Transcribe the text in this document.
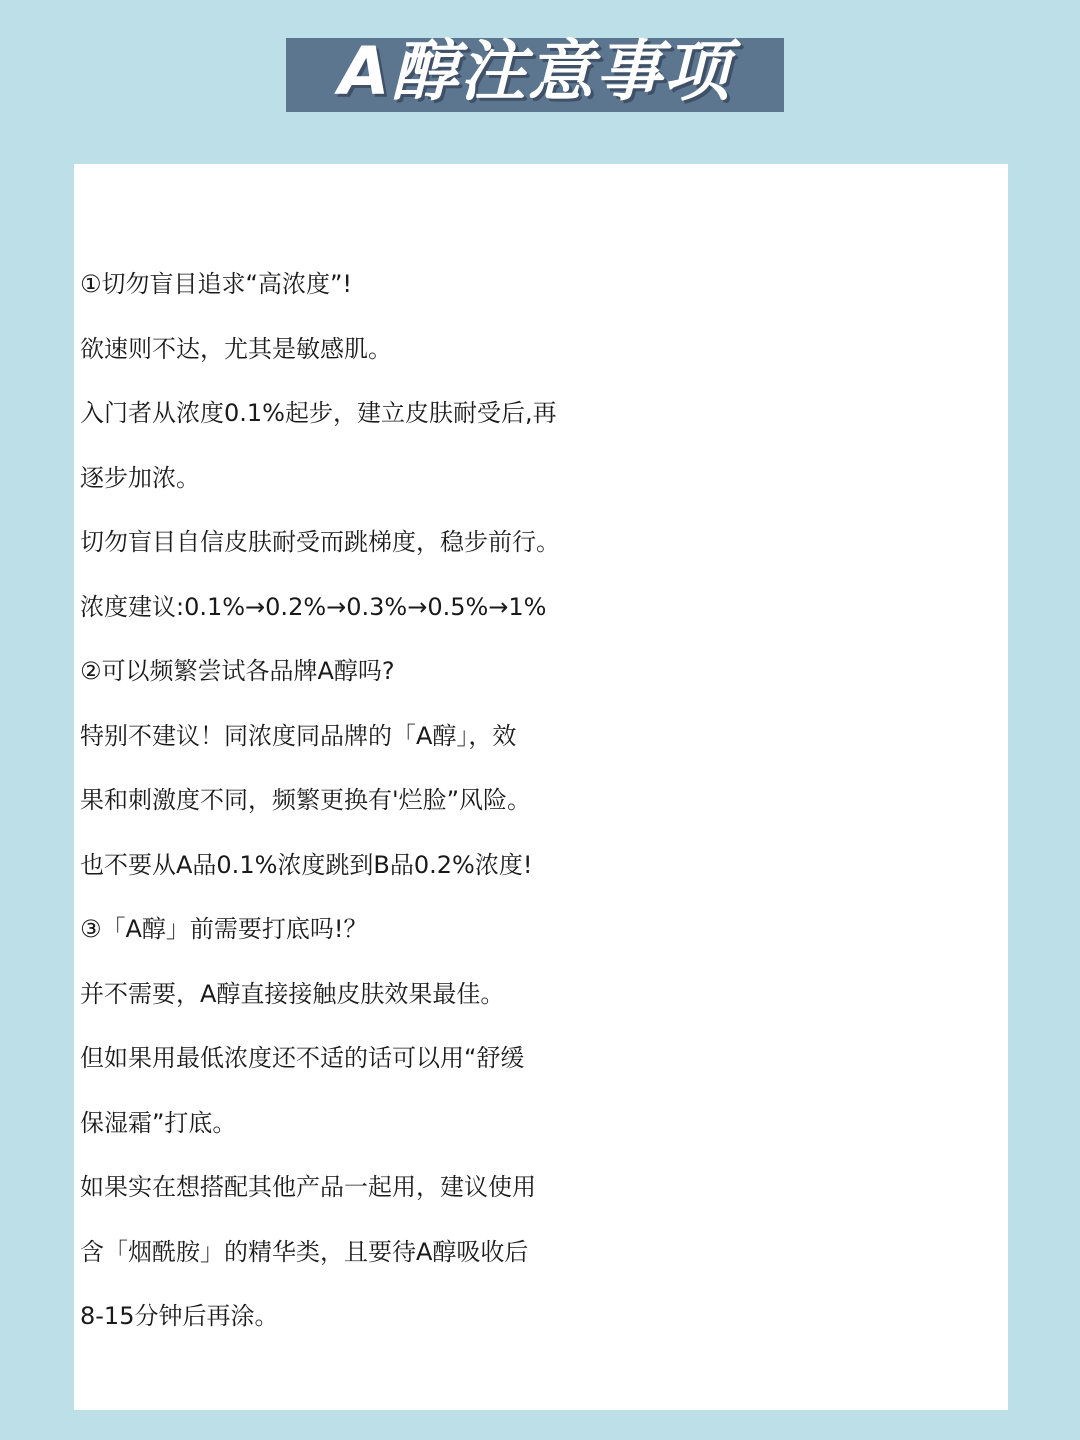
A醇注意事项
①切勿盲目追求“高浓度”!
欲速则不达，尤其是敏感肌。
入门者从浓度0.1%起步，建立皮肤耐受后,再
逐步加浓。
切勿盲目自信皮肤耐受而跳梯度，稳步前行。
浓度建议:0.1%→0.2%→0.3%→0.5%→1%
②可以频繁尝试各品牌A醇吗?
特别不建议！同浓度同品牌的「A醇」，效
果和刺激度不同，频繁更换有'烂脸”风险。
也不要从A品0.1%浓度跳到B品0.2%浓度!
③「A醇」前需要打底吗!？
并不需要，A醇直接接触皮肤效果最佳。
但如果用最低浓度还不适的话可以用“舒缓
保湿霜”打底。
如果实在想搭配其他产品一起用，建议使用
含「烟酰胺」的精华类，且要待A醇吸收后
8-15分钟后再涂。
